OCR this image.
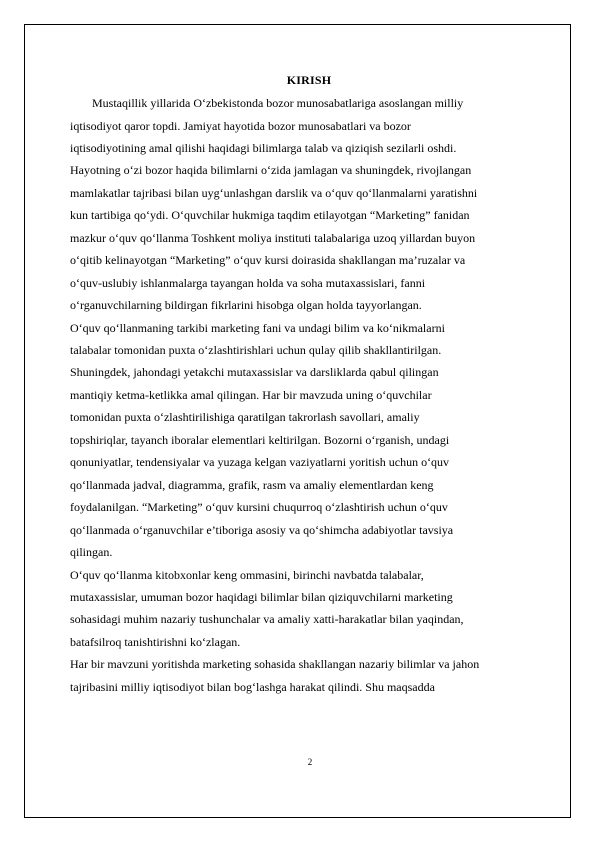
KIRISH
Mustaqillik yillarida O‘zbekistonda bozor munosabatlariga asoslangan milliy
iqtisodiyot qaror topdi. Jamiyat hayotida bozor munosabatlari va bozor
iqtisodiyotining amal qilishi haqidagi bilimlarga talab va qiziqish sezilarli oshdi.
Hayotning o‘zi bozor haqida bilimlarni o‘zida jamlagan va shuningdek, rivojlangan
mamlakatlar tajribasi bilan uyg‘unlashgan darslik va o‘quv qo‘llanmalarni yaratishni
kun tartibiga qo‘ydi. O‘quvchilar hukmiga taqdim etilayotgan “Marketing” fanidan
mazkur o‘quv qo‘llanma Toshkent moliya instituti talabalariga uzoq yillardan buyon
o‘qitib kelinayotgan “Marketing” o‘quv kursi doirasida shakllangan ma’ruzalar va
o‘quv-uslubiy ishlanmalarga tayangan holda va soha mutaxassislari, fanni
o‘rganuvchilarning bildirgan fikrlarini hisobga olgan holda tayyorlangan.
O‘quv qo‘llanmaning tarkibi marketing fani va undagi bilim va ko‘nikmalarni
talabalar tomonidan puxta o‘zlashtirishlari uchun qulay qilib shakllantirilgan.
Shuningdek, jahondagi yetakchi mutaxassislar va darsliklarda qabul qilingan
mantiqiy ketma-ketlikka amal qilingan. Har bir mavzuda uning o‘quvchilar
tomonidan puxta o‘zlashtirilishiga qaratilgan takrorlash savollari, amaliy
topshiriqlar, tayanch iboralar elementlari keltirilgan. Bozorni o‘rganish, undagi
qonuniyatlar, tendensiyalar va yuzaga kelgan vaziyatlarni yoritish uchun o‘quv
qo‘llanmada jadval, diagramma, grafik, rasm va amaliy elementlardan keng
foydalanilgan. “Marketing” o‘quv kursini chuqurroq o‘zlashtirish uchun o‘quv
qo‘llanmada o‘rganuvchilar e’tiboriga asosiy va qo‘shimcha adabiyotlar tavsiya
qilingan.
O‘quv qo‘llanma kitobxonlar keng ommasini, birinchi navbatda talabalar,
mutaxassislar, umuman bozor haqidagi bilimlar bilan qiziquvchilarni marketing
sohasidagi muhim nazariy tushunchalar va amaliy xatti-harakatlar bilan yaqindan,
batafsilroq tanishtirishni ko‘zlagan.
Har bir mavzuni yoritishda marketing sohasida shakllangan nazariy bilimlar va jahon
tajribasini milliy iqtisodiyot bilan bog‘lashga harakat qilindi. Shu maqsadda
2
